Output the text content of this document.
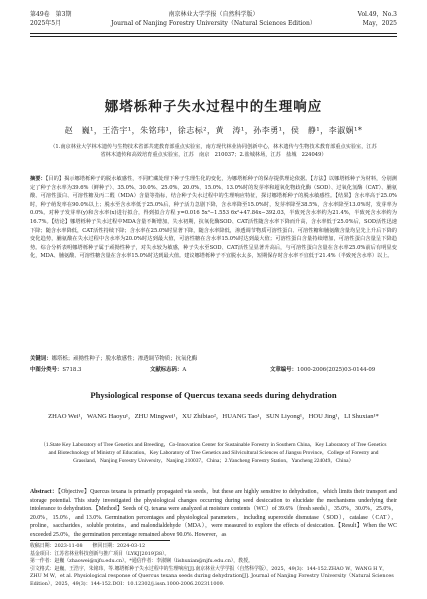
第49卷　第3期
2025年5月
南京林业大学学报（自然科学版）
Journal of Nanjing Forestry University（Natural Sciences Edition）
Vol.49，No.3
May，2025
娜塔栎种子失水过程中的生理响应
赵　巍¹，王浩宇¹，朱铭玮¹，徐志标²，黄　涛¹，孙李勇¹，侯　静¹，李淑娴¹*
（1.南京林业大学林木遗传与生物技术省部共建教育部重点实验室，南方现代林业协同创新中心，林木遗传与生物技术教育部重点实验室，江苏省林木遗传和高效培育重点实验室，江苏　南京　210037；2.盐城林场，江苏　盐城　224049）
摘要：【目的】揭示娜塔栎种子的脱水敏感性，不同贮藏处理下种子生理生化的变化，为娜塔栎种子的保存提供理论依据。【方法】以娜塔栎种子为材料，分别测定了种子含水率为39.6%（鲜种子）、35.0%、30.0%、25.0%、20.0%、15.0%、13.0%时的发芽率和超氧化物歧化酶（SOD）、过氧化氢酶（CAT）、脯氨酸、可溶性蛋白、可溶性糖及丙二醛（MDA）含量等指标，结合种子失水过程中的生理响应特征，探讨娜塔栎种子的脱水敏感性。【结果】含水率高于25.0%时，种子萌发率在90.0%以上；脱水至含水率低于25.0%后，种子活力急剧下降，含水率降至15.0%时，发芽率降至38.5%，含水率降至13.0%时，发芽率为0.0%。对种子发芽率(y)和含水率(x)进行拟合，得到拟合方程 y=0.016 5x³−1.553 6x²+47.84x−392.03，半致死含水率约为21.4%，半致死含水率约为16.7%。【结论】娜塔栎种子失水过程中MDA含量不断增加，失水初期，抗氧化酶SOD、CAT活性随含水率下降而升高，含水率低于25.0%后，SOD活性迅速下降；随含水率降低，CAT活性持续下降；含水率在25.0%时显著下降，随含水率降低，渗透调节物质可溶性蛋白、可溶性糖和脯氨酸含量均呈先上升后下降的变化趋势，脯氨酸在失水过程中含水率为20.0%时达到最大值，可溶性糖在含水率15.0%时达到最大值；可溶性蛋白含量持续增加，可溶性蛋白含量呈下降趋势。综合分析表明娜塔栎种子属于顽拗性种子，对失水较为敏感，种子失水至SOD、CAT活性呈显著升高后，与可溶性蛋白含量在含水率25.0%前后有明显变化，MDA、脯氨酸、可溶性糖含量在含水率15.0%时达到最大值。建议娜塔栎种子不宜脱水太多，短期保存时含水率不宜低于21.4%（半致死含水率）以上。
关键词：娜塔栎；顽拗性种子；脱水敏感性；渗透调节物质；抗氧化酶
中图分类号：S718.3	文献标志码：A	文章编号：1000-2006(2025)03-0144-09
Physiological response of Quercus texana seeds during dehydration
ZHAO Wei¹，WANG Haoyu¹，ZHU Mingwei¹，XU Zhibiao²，HUANG Tao¹，SUN Liyong¹，HOU Jing¹，LI Shuxian¹*
（1.State Key Laboratory of Tree Genetics and Breeding，Co-Innovation Center for Sustainable Forestry in Southern China，Key Laboratory of Tree Genetics and Biotechnology of Ministry of Education，Key Laboratory of Tree Genetics and Silvicultural Sciences of Jiangsu Province，College of Forestry and Grassland，Nanjing Forestry University，Nanjing 210037，China；2.Yancheng Forestry Station，Yancheng 224049，China）
Abstract：【Objective】Quercus texana is primarily propagated via seeds，but these are highly sensitive to dehydration，which limits their transport and storage potential. This study investigated the physiological changes occurring during seed desiccation to elucidate the mechanisms underlying their intolerance to dehydration.【Method】Seeds of Q. texana were analyzed at moisture contents（WC）of 39.6%（fresh seeds），35.0%，30.0%，25.0%，20.0%，15.0%，and 13.0%. Germination percentages and physiological parameters，including superoxide dismutase（SOD），catalase（CAT），proline，saccharides，soluble proteins，and malondialdehyde（MDA），were measured to explore the effects of desiccation.【Result】When the WC exceeded 25.0%，the germination percentage remained above 90.0%. However，as
收稿日期：2023-11-08　　修回日期：2024-03-12
基金项目：江苏省林业科技创新与推广项目（LYKJ[2019]38）。
第一作者：赵巍（zhaowei@njfu.edu.cn）。*通信作者：李淑娴（lishuxian@njfu.edu.cn），教授。
引文格式：赵巍，王浩宇，朱铭玮，等.娜塔栎种子失水过程中的生理响应[J].南京林业大学学报（自然科学版），2025，49(3)：144-152.ZHAO W，WANG H Y，ZHU M W，et al. Physiological response of Quercus texana seeds during dehydration[J]. Journal of Nanjing Forestry University（Natural Sciences Edition），2025，49(3)：144-152.DOI：10.12302/j.issn.1000-2006.202311009.
